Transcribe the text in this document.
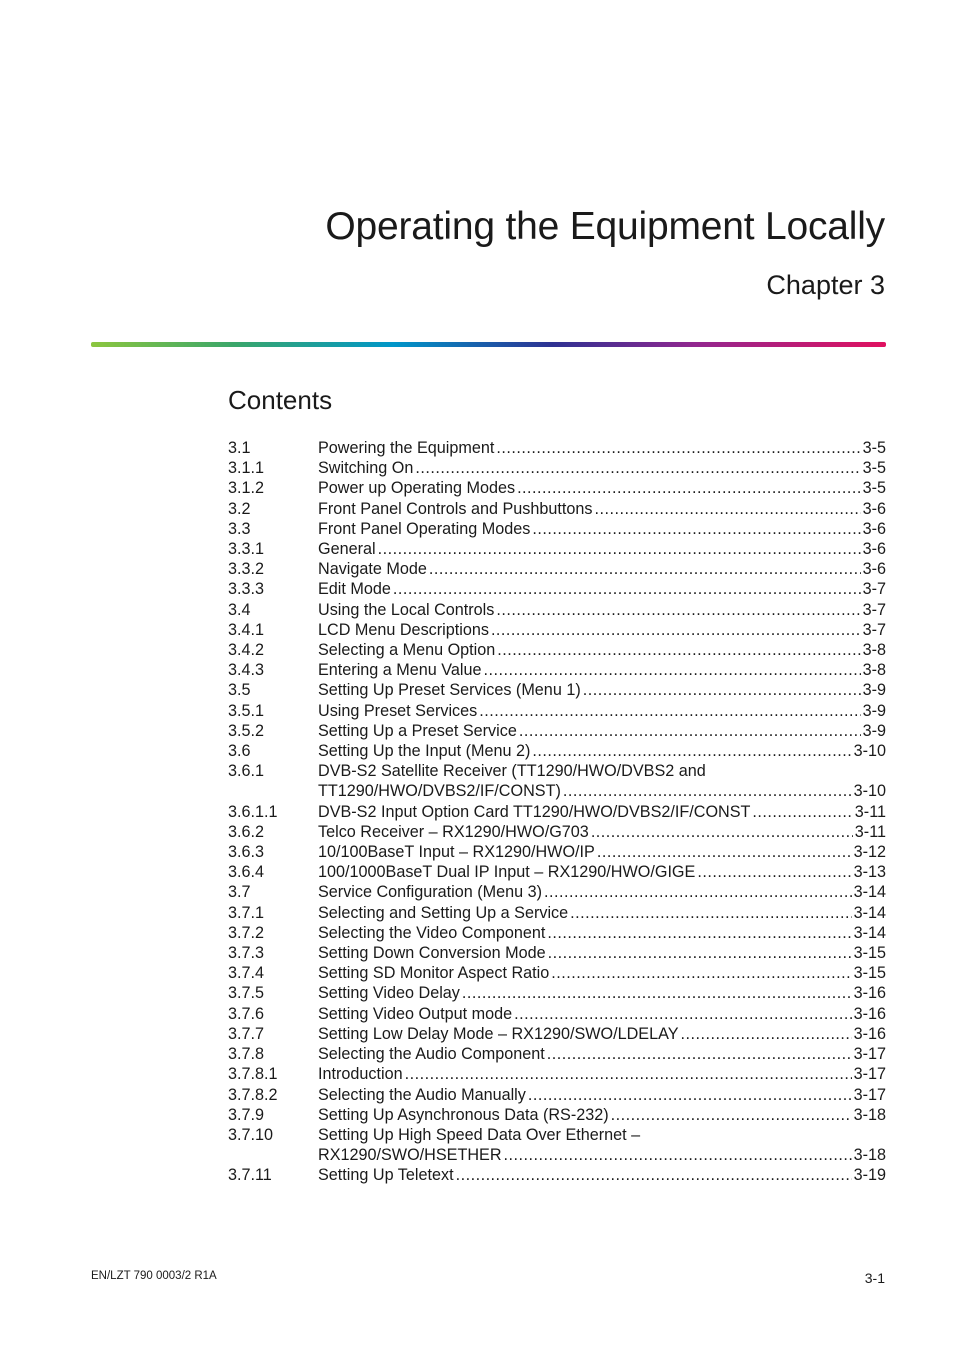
Operating the Equipment Locally
Chapter 3
Contents
3.1	Powering the Equipment .....	3-5
3.1.1	Switching On .....	3-5
3.1.2	Power up Operating Modes .....	3-5
3.2	Front Panel Controls and Pushbuttons .....	3-6
3.3	Front Panel Operating Modes .....	3-6
3.3.1	General .....	3-6
3.3.2	Navigate Mode .....	3-6
3.3.3	Edit Mode .....	3-7
3.4	Using the Local Controls .....	3-7
3.4.1	LCD Menu Descriptions .....	3-7
3.4.2	Selecting a Menu Option .....	3-8
3.4.3	Entering a Menu Value .....	3-8
3.5	Setting Up Preset Services (Menu 1) .....	3-9
3.5.1	Using Preset Services .....	3-9
3.5.2	Setting Up a Preset Service .....	3-9
3.6	Setting Up the Input (Menu 2) .....	3-10
3.6.1	DVB-S2 Satellite Receiver (TT1290/HWO/DVBS2 and
TT1290/HWO/DVBS2/IF/CONST) .....	3-10
3.6.1.1 DVB-S2 Input Option Card TT1290/HWO/DVBS2/IF/CONST .....	3-11
3.6.2	Telco Receiver – RX1290/HWO/G703 .....	3-11
3.6.3	10/100BaseT Input – RX1290/HWO/IP .....	3-12
3.6.4	100/1000BaseT Dual IP Input – RX1290/HWO/GIGE .....	3-13
3.7	Service Configuration (Menu 3) .....	3-14
3.7.1	Selecting and Setting Up a Service .....	3-14
3.7.2	Selecting the Video Component .....	3-14
3.7.3	Setting Down Conversion Mode .....	3-15
3.7.4	Setting SD Monitor Aspect Ratio .....	3-15
3.7.5	Setting Video Delay .....	3-16
3.7.6	Setting Video Output mode .....	3-16
3.7.7	Setting Low Delay Mode – RX1290/SWO/LDELAY .....	3-16
3.7.8	Selecting the Audio Component .....	3-17
3.7.8.1 Introduction .....	3-17
3.7.8.2 Selecting the Audio Manually .....	3-17
3.7.9	Setting Up Asynchronous Data (RS-232) .....	3-18
3.7.10	Setting Up High Speed Data Over Ethernet –
RX1290/SWO/HSETHER .....	3-18
3.7.11	Setting Up Teletext .....	3-19
EN/LZT 790 0003/2 R1A	3-1
